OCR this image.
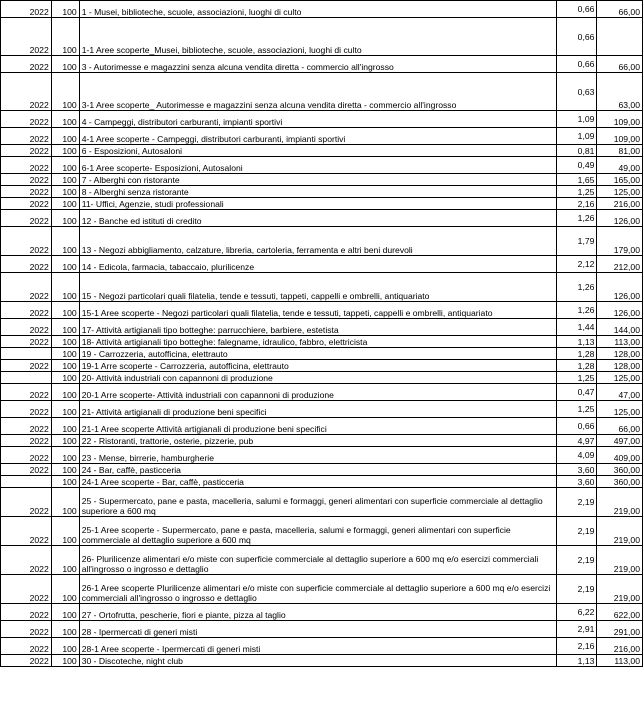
2022	100	1 - Musei, biblioteche, scuole, associazioni, luoghi di culto	0,66	66,00
2022	100	1-1 Aree scoperte_Musei, biblioteche, scuole, associazioni, luoghi di culto	0,66	
2022	100	3 - Autorimesse e magazzini senza alcuna vendita diretta - commercio all'ingrosso	0,66	66,00
2022	100	3-1 Aree scoperte_ Autorimesse e magazzini senza alcuna vendita diretta - commercio all'ingrosso	0,63	63,00
2022	100	4 - Campeggi, distributori carburanti, impianti sportivi	1,09	109,00
2022	100	4-1 Aree scoperte - Campeggi, distributori carburanti, impianti sportivi	1,09	109,00
2022	100	6 - Esposizioni, Autosaloni	0,81	81,00
2022	100	6-1 Aree scoperte- Esposizioni, Autosaloni	0,49	49,00
2022	100	7 - Alberghi con ristorante	1,65	165,00
2022	100	8 - Alberghi senza ristorante	1,25	125,00
2022	100	11- Uffici, Agenzie, studi professionali	2,16	216,00
2022	100	12 - Banche ed istituti di credito	1,26	126,00
2022	100	13 - Negozi abbigliamento, calzature, libreria, cartoleria, ferramenta e altri beni durevoli	1,79	179,00
2022	100	14 - Edicola, farmacia, tabaccaio, plurilicenze	2,12	212,00
2022	100	15 - Negozi particolari quali filatelia, tende e tessuti, tappeti, cappelli e ombrelli, antiquariato	1,26	126,00
2022	100	15-1 Aree scoperte - Negozi particolari quali filatelia, tende e tessuti, tappeti, cappelli e ombrelli, antiquariato	1,26	126,00
2022	100	17- Attività artigianali tipo botteghe: parrucchiere, barbiere, estetista	1,44	144,00
2022	100	18- Attività artigianali tipo botteghe: falegname, idraulico, fabbro, elettricista	1,13	113,00
	100	19 - Carrozzeria, autofficina, elettrauto	1,28	128,00
2022	100	19-1 Arre scoperte - Carrozzeria, autofficina, elettrauto	1,28	128,00
	100	20- Attività industriali con capannoni di produzione	1,25	125,00
2022	100	20-1 Arre scoperte- Attività industriali con capannoni di produzione	0,47	47,00
2022	100	21- Attività artigianali di produzione beni specifici	1,25	125,00
2022	100	21-1 Aree scoperte Attività artigianali di produzione beni specifici	0,66	66,00
2022	100	22 - Ristoranti, trattorie, osterie, pizzerie, pub	4,97	497,00
2022	100	23 - Mense, birrerie, hamburgherie	4,09	409,00
2022	100	24 - Bar, caffè, pasticceria	3,60	360,00
	100	24-1 Aree scoperte - Bar, caffè, pasticceria	3,60	360,00
2022	100	25 - Supermercato, pane e pasta, macelleria, salumi e formaggi, generi alimentari con superficie commerciale al dettaglio superiore a 600 mq	2,19	219,00
2022	100	25-1 Aree scoperte - Supermercato, pane e pasta, macelleria, salumi e formaggi, generi alimentari con superficie commerciale al dettaglio superiore a 600 mq	2,19	219,00
2022	100	26- Plurilicenze alimentari e/o miste con superficie commerciale al dettaglio superiore a 600 mq e/o esercizi commerciali all'ingrosso o ingrosso e dettaglio	2,19	219,00
2022	100	26-1 Aree scoperte Plurilicenze alimentari e/o miste con superficie commerciale al dettaglio superiore a 600 mq e/o esercizi commerciali all'ingrosso o ingrosso e dettaglio	2,19	219,00
2022	100	27 - Ortofrutta, pescherie, fiori e piante, pizza al taglio	6,22	622,00
2022	100	28 - Ipermercati di generi misti	2,91	291,00
2022	100	28-1 Aree scoperte - Ipermercati di generi misti	2,16	216,00
2022	100	30 - Discoteche, night club	1,13	113,00
